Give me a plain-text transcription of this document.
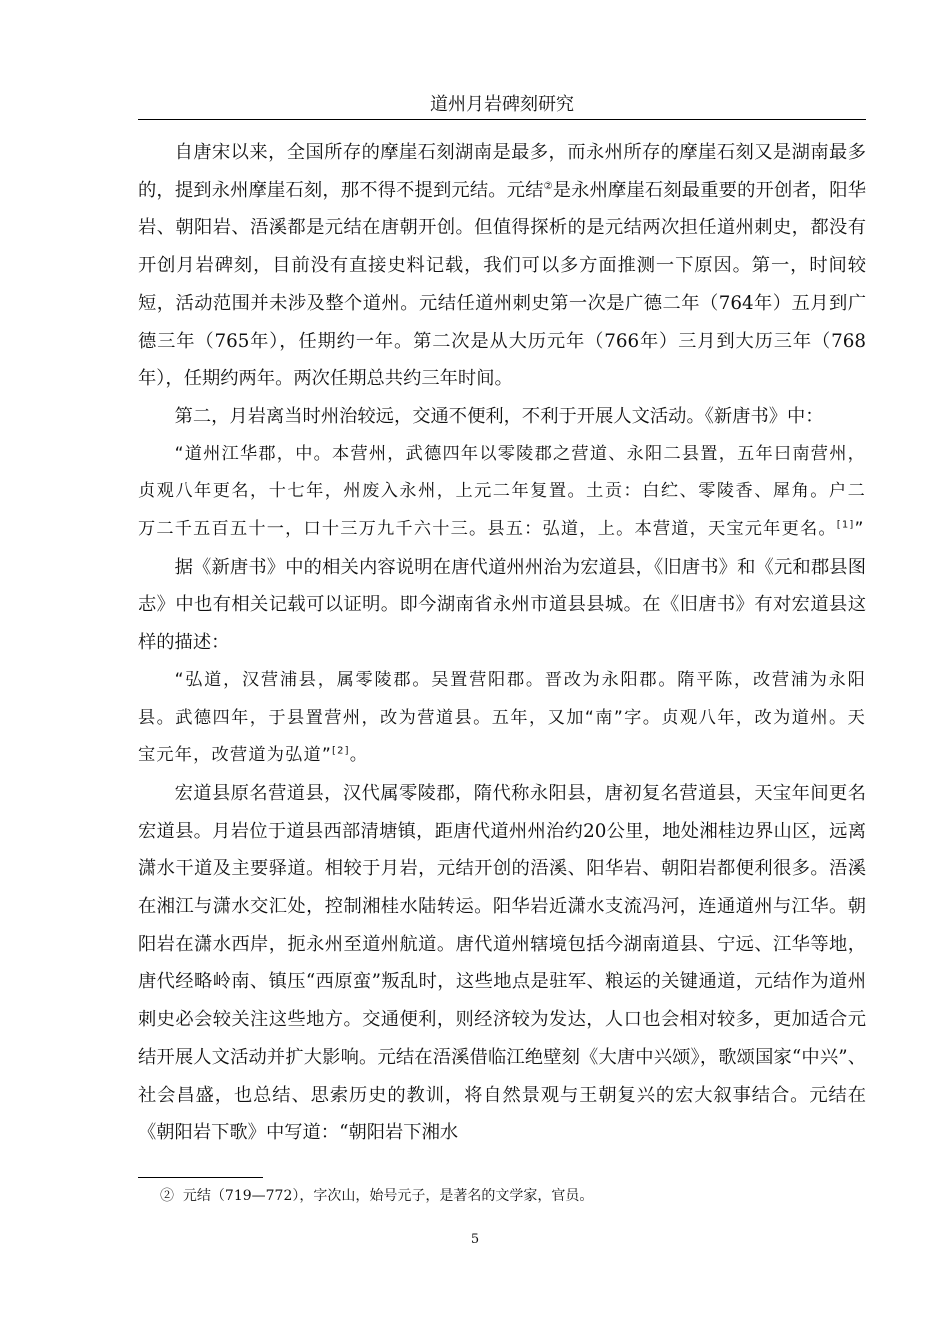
道州月岩碑刻研究

自唐宋以来，全国所存的摩崖石刻湖南是最多，而永州所存的摩崖石刻又是湖南最多的，提到永州摩崖石刻，那不得不提到元结。元结②是永州摩崖石刻最重要的开创者，阳华岩、朝阳岩、浯溪都是元结在唐朝开创。但值得探析的是元结两次担任道州刺史，都没有开创月岩碑刻，目前没有直接史料记载，我们可以多方面推测一下原因。第一，时间较短，活动范围并未涉及整个道州。元结任道州刺史第一次是广德二年（764年）五月到广德三年（765年），任期约一年。第二次是从大历元年（766年）三月到大历三年（768年），任期约两年。两次任期总共约三年时间。

第二，月岩离当时州治较远，交通不便利，不利于开展人文活动。《新唐书》中：

“道州江华郡，中。本营州，武德四年以零陵郡之营道、永阳二县置，五年曰南营州，贞观八年更名，十七年，州废入永州，上元二年复置。土贡：白纻、零陵香、犀角。户二万二千五百五十一，口十三万九千六十三。县五：弘道，上。本营道，天宝元年更名。[1]”

据《新唐书》中的相关内容说明在唐代道州州治为宏道县，《旧唐书》和《元和郡县图志》中也有相关记载可以证明。即今湖南省永州市道县县城。在《旧唐书》有对宏道县这样的描述：

“弘道，汉营浦县，属零陵郡。吴置营阳郡。晋改为永阳郡。隋平陈，改营浦为永阳县。武德四年，于县置营州，改为营道县。五年，又加“南”字。贞观八年，改为道州。天宝元年，改营道为弘道”[2]。

宏道县原名营道县，汉代属零陵郡，隋代称永阳县，唐初复名营道县，天宝年间更名宏道县。月岩位于道县西部清塘镇，距唐代道州州治约20公里，地处湘桂边界山区，远离潇水干道及主要驿道。相较于月岩，元结开创的浯溪、阳华岩、朝阳岩都便利很多。浯溪在湘江与潇水交汇处，控制湘桂水陆转运。阳华岩近潇水支流冯河，连通道州与江华。朝阳岩在潇水西岸，扼永州至道州航道。唐代道州辖境包括今湖南道县、宁远、江华等地，唐代经略岭南、镇压“西原蛮”叛乱时，这些地点是驻军、粮运的关键通道，元结作为道州刺史必会较关注这些地方。交通便利，则经济较为发达，人口也会相对较多，更加适合元结开展人文活动并扩大影响。元结在浯溪借临江绝壁刻《大唐中兴颂》，歌颂国家“中兴”、社会昌盛，也总结、思索历史的教训，将自然景观与王朝复兴的宏大叙事结合。元结在《朝阳岩下歌》中写道：“朝阳岩下湘水

② 元结（719—772），字次山，始号元子，是著名的文学家，官员。
5
